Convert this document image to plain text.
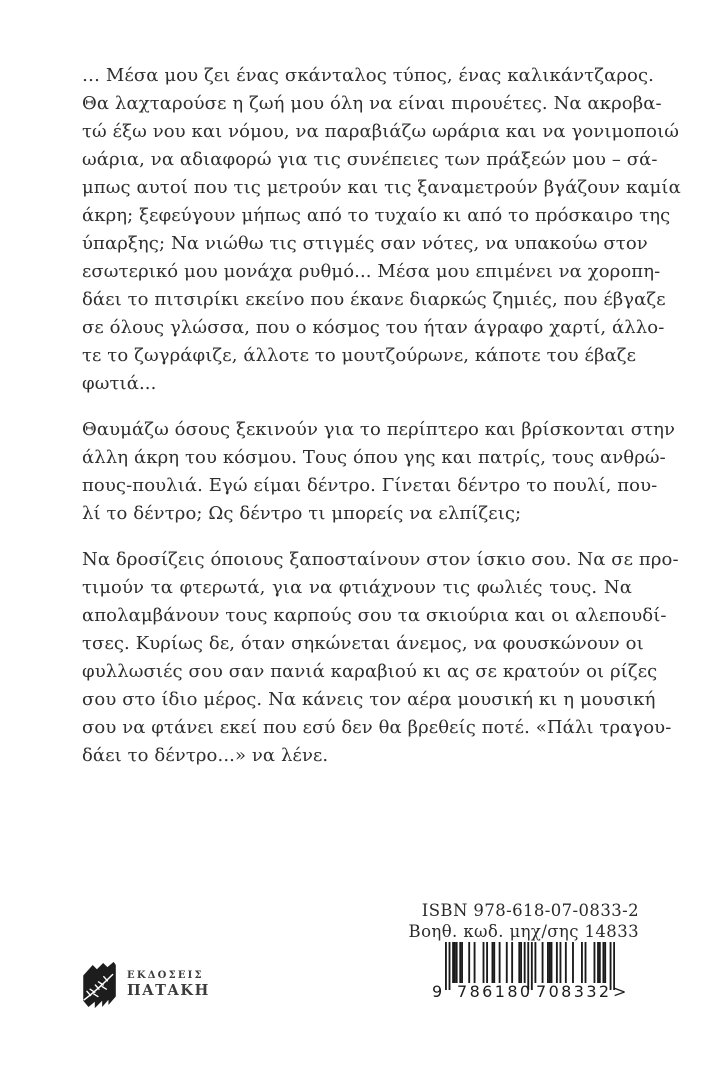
… Μέσα μου ζει ένας σκάνταλος τύπος, ένας καλικάντζαρος.
Θα λαχταρούσε η ζωή μου όλη να είναι πιρουέτες. Να ακροβα-
τώ έξω νου και νόμου, να παραβιάζω ωράρια και να γονιμοποιώ
ωάρια, να αδιαφορώ για τις συνέπειες των πράξεών μου – σά-
μπως αυτοί που τις μετρούν και τις ξαναμετρούν βγάζουν καμία
άκρη; ξεφεύγουν μήπως από το τυχαίο κι από το πρόσκαιρο της
ύπαρξης; Να νιώθω τις στιγμές σαν νότες, να υπακούω στον
εσωτερικό μου μονάχα ρυθμό... Μέσα μου επιμένει να χοροπη-
δάει το πιτσιρίκι εκείνο που έκανε διαρκώς ζημιές, που έβγαζε
σε όλους γλώσσα, που ο κόσμος του ήταν άγραφο χαρτί, άλλο-
τε το ζωγράφιζε, άλλοτε το μουτζούρωνε, κάποτε του έβαζε
φωτιά...
Θαυμάζω όσους ξεκινούν για το περίπτερο και βρίσκονται στην
άλλη άκρη του κόσμου. Τους όπου γης και πατρίς, τους ανθρώ-
πους-πουλιά. Εγώ είμαι δέντρο. Γίνεται δέντρο το πουλί, που-
λί το δέντρο; Ως δέντρο τι μπορείς να ελπίζεις;
Να δροσίζεις όποιους ξαποσταίνουν στον ίσκιο σου. Να σε προ-
τιμούν τα φτερωτά, για να φτιάχνουν τις φωλιές τους. Να
απολαμβάνουν τους καρπούς σου τα σκιούρια και οι αλεπουδί-
τσες. Κυρίως δε, όταν σηκώνεται άνεμος, να φουσκώνουν οι
φυλλωσιές σου σαν πανιά καραβιού κι ας σε κρατούν οι ρίζες
σου στο ίδιο μέρος. Να κάνεις τον αέρα μουσική κι η μουσική
σου να φτάνει εκεί που εσύ δεν θα βρεθείς ποτέ. «Πάλι τραγου-
δάει το δέντρο...» να λένε.
ΕΚΔΟΣΕΙΣ
ΠΑΤΑΚΗ
ISBN 978-618-07-0833-2
Βοηθ. κωδ. μηχ/σης 14833
9 786180 708332 >
